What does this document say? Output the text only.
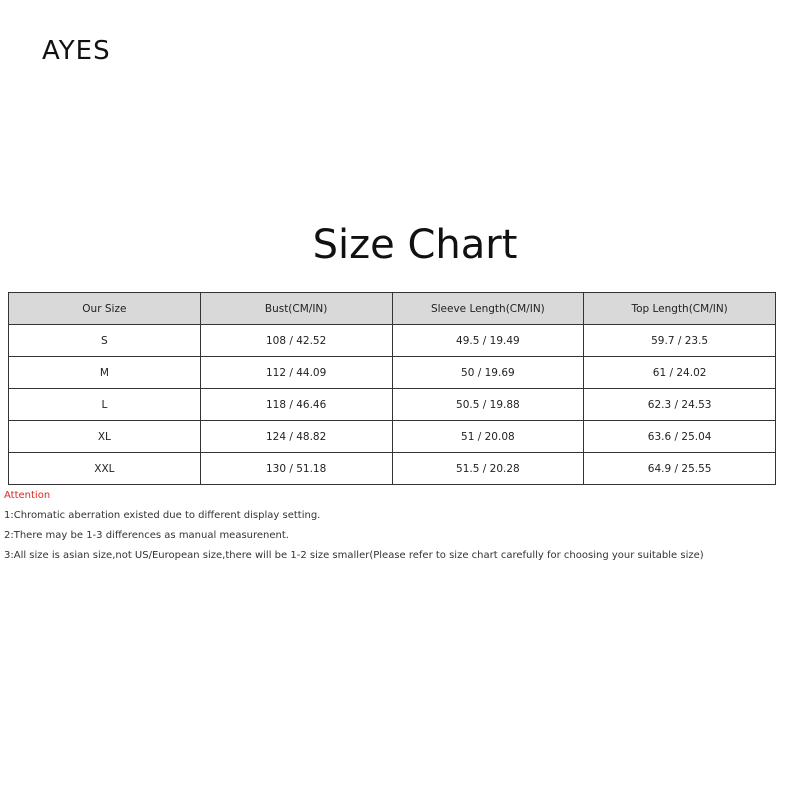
AYES
Size Chart
Our Size	Bust(CM/IN)	Sleeve Length(CM/IN)	Top Length(CM/IN)
S	108 / 42.52	49.5 / 19.49	59.7 / 23.5
M	112 / 44.09	50 / 19.69	61 / 24.02
L	118 / 46.46	50.5 / 19.88	62.3 / 24.53
XL	124 / 48.82	51 / 20.08	63.6 / 25.04
XXL	130 / 51.18	51.5 / 20.28	64.9 / 25.55
Attention
1:Chromatic aberration existed due to different display setting.
2:There may be 1-3 differences as manual measurenent.
3:All size is asian size,not US/European size,there will be 1-2 size smaller(Please refer to size chart carefully for choosing your suitable size)
